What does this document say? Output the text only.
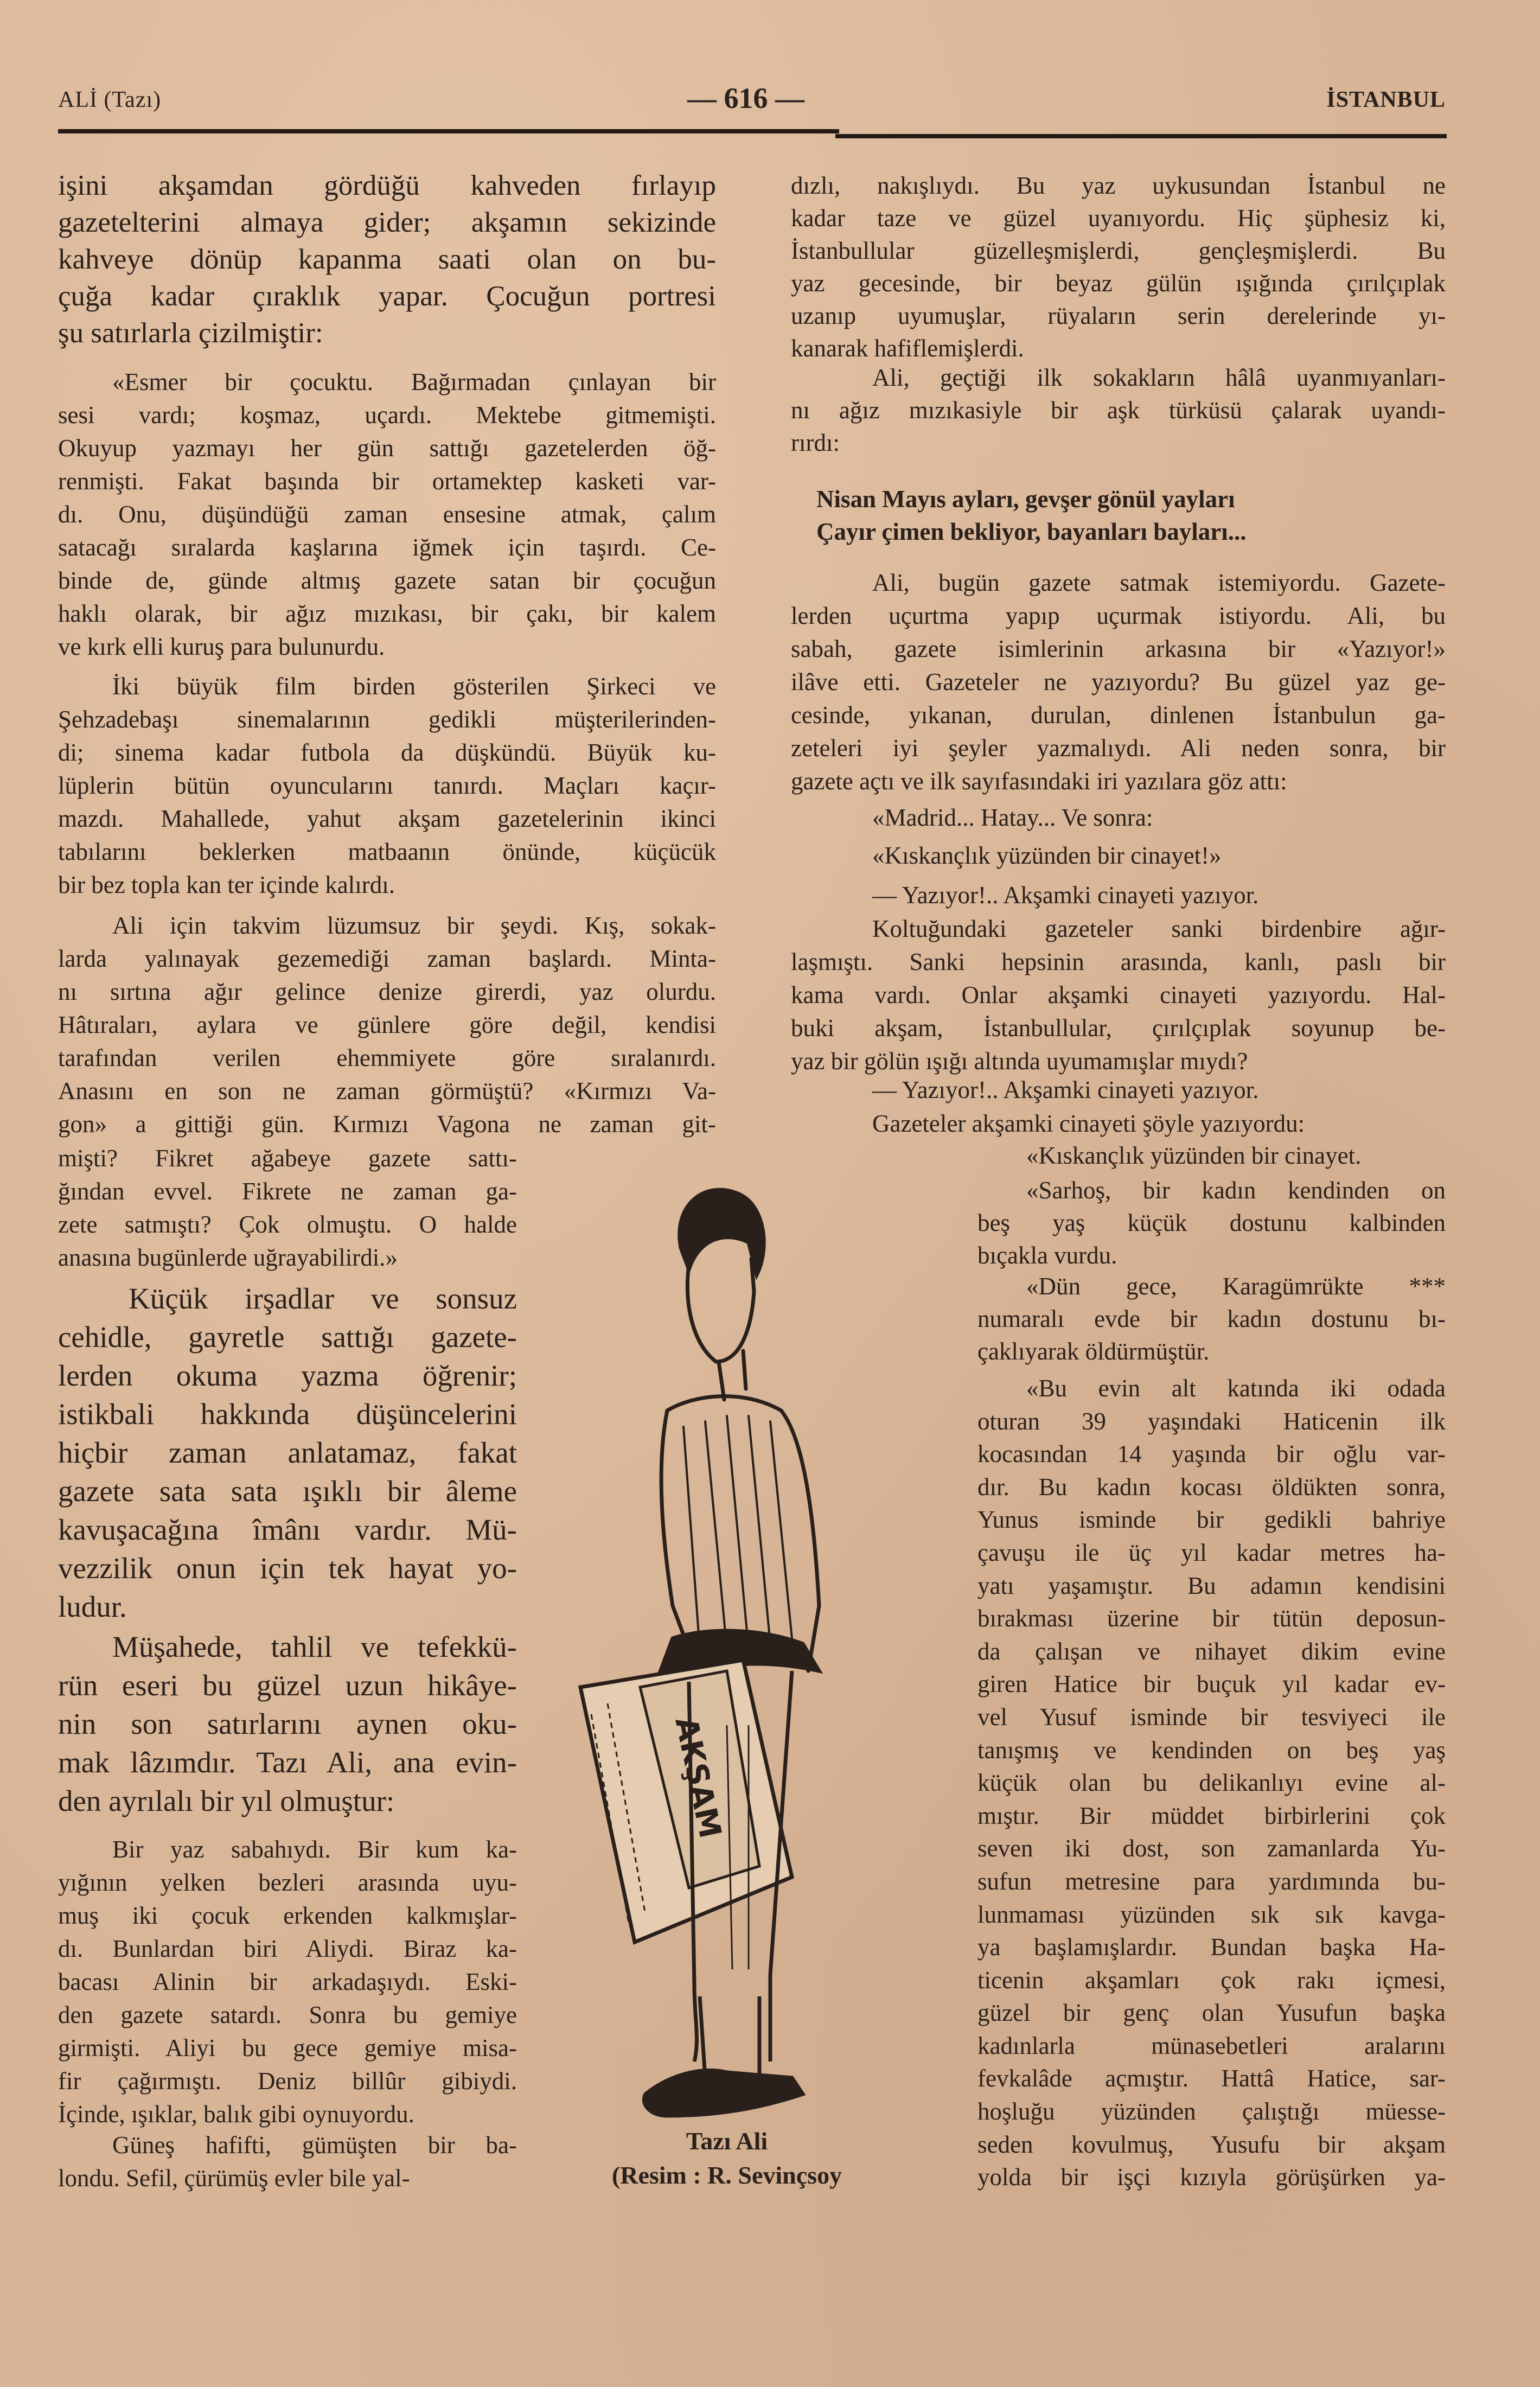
ALİ (Tazı)	— 616 —	İSTANBUL
işini akşamdan gördüğü kahveden fırlayıp
gazetelterini almaya gider; akşamın sekizinde
kahveye dönüp kapanma saati olan on bu-
çuğa kadar çıraklık yapar. Çocuğun portresi
şu satırlarla çizilmiştir:
«Esmer bir çocuktu. Bağırmadan çınlayan bir
sesi vardı; koşmaz, uçardı. Mektebe gitmemişti.
Okuyup yazmayı her gün sattığı gazetelerden öğ-
renmişti. Fakat başında bir ortamektep kasketi var-
dı. Onu, düşündüğü zaman ensesine atmak, çalım
satacağı sıralarda kaşlarına iğmek için taşırdı. Ce-
binde de, günde altmış gazete satan bir çocuğun
haklı olarak, bir ağız mızıkası, bir çakı, bir kalem
ve kırk elli kuruş para bulunurdu.
İki büyük film birden gösterilen Şirkeci ve
Şehzadebaşı sinemalarının gedikli müşterilerinden-
di; sinema kadar futbola da düşkündü. Büyük ku-
lüplerin bütün oyuncularını tanırdı. Maçları kaçır-
mazdı. Mahallede, yahut akşam gazetelerinin ikinci
tabılarını beklerken matbaanın önünde, küçücük
bir bez topla kan ter içinde kalırdı.
Ali için takvim lüzumsuz bir şeydi. Kış, sokak-
larda yalınayak gezemediği zaman başlardı. Minta-
nı sırtına ağır gelince denize girerdi, yaz olurdu.
Hâtıraları, aylara ve günlere göre değil, kendisi
tarafından verilen ehemmiyete göre sıralanırdı.
Anasını en son ne zaman görmüştü? «Kırmızı Va-
gon» a gittiği gün. Kırmızı Vagona ne zaman git-
mişti? Fikret ağabeye gazete sattı-
ğından evvel. Fikrete ne zaman ga-
zete satmıştı? Çok olmuştu. O halde
anasına bugünlerde uğrayabilirdi.»
Küçük irşadlar ve sonsuz
cehidle, gayretle sattığı gazete-
lerden okuma yazma öğrenir;
istikbali hakkında düşüncelerini
hiçbir zaman anlatamaz, fakat
gazete sata sata ışıklı bir âleme
kavuşacağına îmânı vardır. Mü-
vezzilik onun için tek hayat yo-
ludur.
Müşahede, tahlil ve tefekkü-
rün eseri bu güzel uzun hikâye-
nin son satırlarını aynen oku-
mak lâzımdır. Tazı Ali, ana evin-
den ayrılalı bir yıl olmuştur:
Bir yaz sabahıydı. Bir kum ka-
yığının yelken bezleri arasında uyu-
muş iki çocuk erkenden kalkmışlar-
dı. Bunlardan biri Aliydi. Biraz ka-
bacası Alinin bir arkadaşıydı. Eski-
den gazete satardı. Sonra bu gemiye
girmişti. Aliyi bu gece gemiye misa-
fir çağırmıştı. Deniz billûr gibiydi.
İçinde, ışıklar, balık gibi oynuyordu.
Güneş hafifti, gümüşten bir ba-
londu. Sefil, çürümüş evler bile yal-
AKŞAM
Tazı Ali
(Resim : R. Sevinçsoy
dızlı, nakışlıydı. Bu yaz uykusundan İstanbul ne
kadar taze ve güzel uyanıyordu. Hiç şüphesiz ki,
İstanbullular güzelleşmişlerdi, gençleşmişlerdi. Bu
yaz gecesinde, bir beyaz gülün ışığında çırılçıplak
uzanıp uyumuşlar, rüyaların serin derelerinde yı-
kanarak hafiflemişlerdi.
Ali, geçtiği ilk sokakların hâlâ uyanmıyanları-
nı ağız mızıkasiyle bir aşk türküsü çalarak uyandı-
rırdı:
Nisan Mayıs ayları, gevşer gönül yayları
Çayır çimen bekliyor, bayanları bayları...
Ali, bugün gazete satmak istemiyordu. Gazete-
lerden uçurtma yapıp uçurmak istiyordu. Ali, bu
sabah, gazete isimlerinin arkasına bir «Yazıyor!»
ilâve etti. Gazeteler ne yazıyordu? Bu güzel yaz ge-
cesinde, yıkanan, durulan, dinlenen İstanbulun ga-
zeteleri iyi şeyler yazmalıydı. Ali neden sonra, bir
gazete açtı ve ilk sayıfasındaki iri yazılara göz attı:
«Madrid... Hatay... Ve sonra:
«Kıskançlık yüzünden bir cinayet!»
— Yazıyor!.. Akşamki cinayeti yazıyor.
Koltuğundaki gazeteler sanki birdenbire ağır-
laşmıştı. Sanki hepsinin arasında, kanlı, paslı bir
kama vardı. Onlar akşamki cinayeti yazıyordu. Hal-
buki akşam, İstanbullular, çırılçıplak soyunup be-
yaz bir gölün ışığı altında uyumamışlar mıydı?
— Yazıyor!.. Akşamki cinayeti yazıyor.
Gazeteler akşamki cinayeti şöyle yazıyordu:
«Kıskançlık yüzünden bir cinayet.
«Sarhoş, bir kadın kendinden on
beş yaş küçük dostunu kalbinden
bıçakla vurdu.
«Dün gece, Karagümrükte ***
numaralı evde bir kadın dostunu bı-
çaklıyarak öldürmüştür.
«Bu evin alt katında iki odada
oturan 39 yaşındaki Haticenin ilk
kocasından 14 yaşında bir oğlu var-
dır. Bu kadın kocası öldükten sonra,
Yunus isminde bir gedikli bahriye
çavuşu ile üç yıl kadar metres ha-
yatı yaşamıştır. Bu adamın kendisini
bırakması üzerine bir tütün deposun-
da çalışan ve nihayet dikim evine
giren Hatice bir buçuk yıl kadar ev-
vel Yusuf isminde bir tesviyeci ile
tanışmış ve kendinden on beş yaş
küçük olan bu delikanlıyı evine al-
mıştır. Bir müddet birbirlerini çok
seven iki dost, son zamanlarda Yu-
sufun metresine para yardımında bu-
lunmaması yüzünden sık sık kavga-
ya başlamışlardır. Bundan başka Ha-
ticenin akşamları çok rakı içmesi,
güzel bir genç olan Yusufun başka
kadınlarla münasebetleri aralarını
fevkalâde açmıştır. Hattâ Hatice, sar-
hoşluğu yüzünden çalıştığı müesse-
seden kovulmuş, Yusufu bir akşam
yolda bir işçi kızıyla görüşürken ya-
